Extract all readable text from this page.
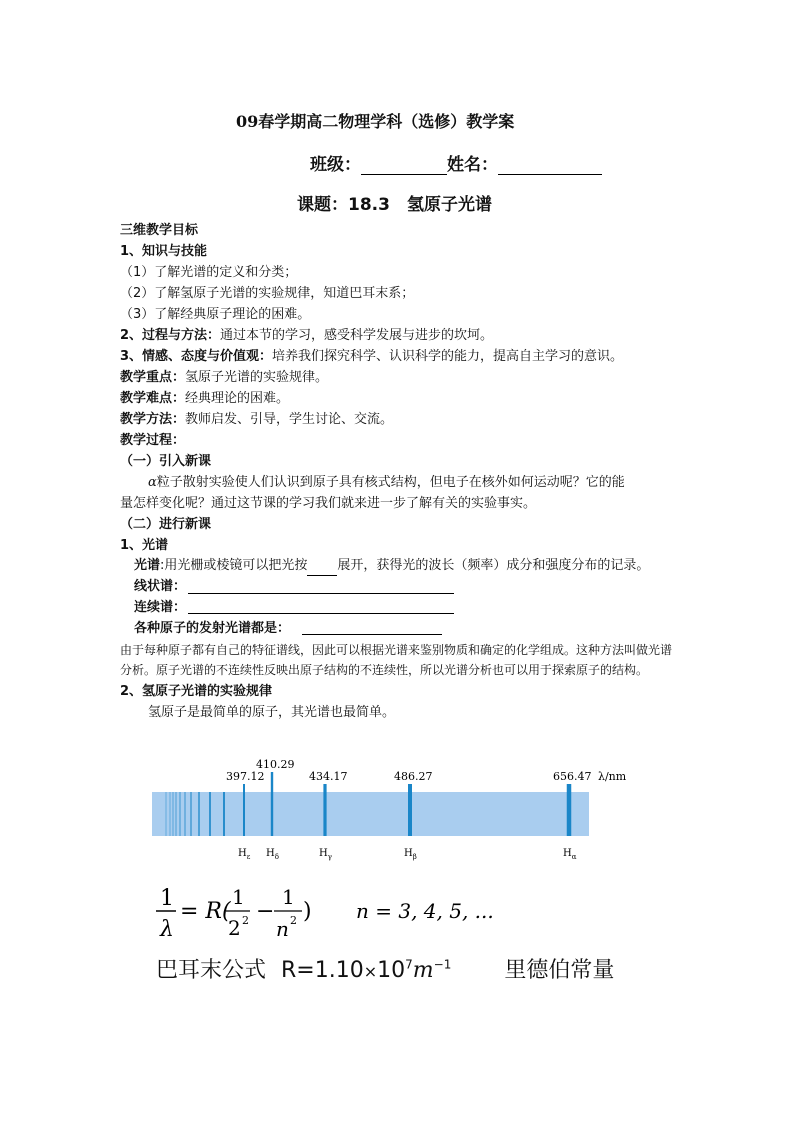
09春学期高二物理学科（选修）教学案
班级：	姓名：
课题：18.3　氢原子光谱
三维教学目标
1、知识与技能
（1）了解光谱的定义和分类；
（2）了解氢原子光谱的实验规律，知道巴耳末系；
（3）了解经典原子理论的困难。
2、过程与方法：通过本节的学习，感受科学发展与进步的坎坷。
3、情感、态度与价值观：培养我们探究科学、认识科学的能力，提高自主学习的意识。
教学重点：氢原子光谱的实验规律。
教学难点：经典理论的困难。
教学方法：教师启发、引导，学生讨论、交流。
教学过程：
（一）引入新课
α粒子散射实验使人们认识到原子具有核式结构，但电子在核外如何运动呢？它的能
量怎样变化呢？通过这节课的学习我们就来进一步了解有关的实验事实。
（二）进行新课
1、光谱
光谱:用光栅或棱镜可以把光按 展开，获得光的波长（频率）成分和强度分布的记录。
线状谱：
连续谱：
各种原子的发射光谱都是：
由于每种原子都有自己的特征谱线，因此可以根据光谱来鉴别物质和确定的化学组成。这种方法叫做光谱
分析。原子光谱的不连续性反映出原子结构的不连续性，所以光谱分析也可以用于探索原子的结构。
2、氢原子光谱的实验规律
氢原子是最简单的原子，其光谱也最简单。
397.12
$H_\varepsilon$
410.29
$H_\delta$
434.17
$H_\gamma$
486.27
$H_\beta$
656.47
$H_\alpha$
λ/nm
1
λ
= R(
1
2 2 −
1
n 2 ) n = 3, 4, 5, ...
巴耳末公式 $R=1.10\times 10^7m^{-1}$ 里德伯常量
